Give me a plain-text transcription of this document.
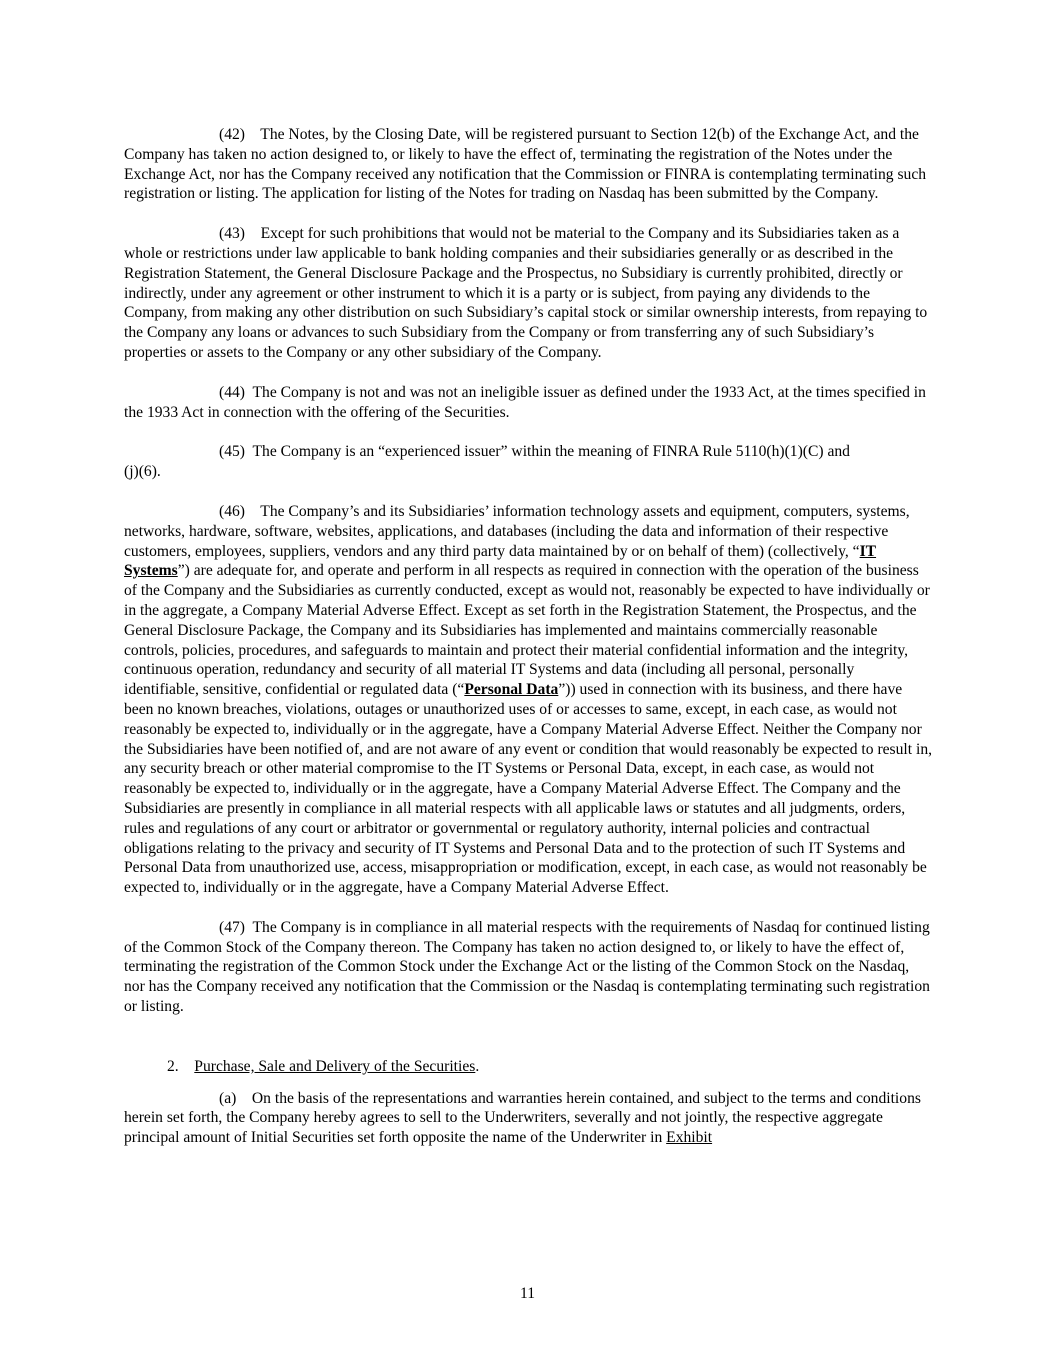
(42)    The Notes, by the Closing Date, will be registered pursuant to Section 12(b) of the Exchange Act, and the Company has taken no action designed to, or likely to have the effect of, terminating the registration of the Notes under the Exchange Act, nor has the Company received any notification that the Commission or FINRA is contemplating terminating such registration or listing. The application for listing of the Notes for trading on Nasdaq has been submitted by the Company.

(43)    Except for such prohibitions that would not be material to the Company and its Subsidiaries taken as a whole or restrictions under law applicable to bank holding companies and their subsidiaries generally or as described in the Registration Statement, the General Disclosure Package and the Prospectus, no Subsidiary is currently prohibited, directly or indirectly, under any agreement or other instrument to which it is a party or is subject, from paying any dividends to the Company, from making any other distribution on such Subsidiary’s capital stock or similar ownership interests, from repaying to the Company any loans or advances to such Subsidiary from the Company or from transferring any of such Subsidiary’s properties or assets to the Company or any other subsidiary of the Company.

(44)  The Company is not and was not an ineligible issuer as defined under the 1933 Act, at the times specified in the 1933 Act in connection with the offering of the Securities.

(45)  The Company is an “experienced issuer” within the meaning of FINRA Rule 5110(h)(1)(C) and
(j)(6).

(46)    The Company’s and its Subsidiaries’ information technology assets and equipment, computers, systems, networks, hardware, software, websites, applications, and databases (including the data and information of their respective customers, employees, suppliers, vendors and any third party data maintained by or on behalf of them) (collectively, “IT Systems”) are adequate for, and operate and perform in all respects as required in connection with the operation of the business of the Company and the Subsidiaries as currently conducted, except as would not, reasonably be expected to have individually or in the aggregate, a Company Material Adverse Effect. Except as set forth in the Registration Statement, the Prospectus, and the General Disclosure Package, the Company and its Subsidiaries has implemented and maintains commercially reasonable controls, policies, procedures, and safeguards to maintain and protect their material confidential information and the integrity, continuous operation, redundancy and security of all material IT Systems and data (including all personal, personally identifiable, sensitive, confidential or regulated data (“Personal Data”)) used in connection with its business, and there have been no known breaches, violations, outages or unauthorized uses of or accesses to same, except, in each case, as would not reasonably be expected to, individually or in the aggregate, have a Company Material Adverse Effect. Neither the Company nor the Subsidiaries have been notified of, and are not aware of any event or condition that would reasonably be expected to result in, any security breach or other material compromise to the IT Systems or Personal Data, except, in each case, as would not reasonably be expected to, individually or in the aggregate, have a Company Material Adverse Effect. The Company and the Subsidiaries are presently in compliance in all material respects with all applicable laws or statutes and all judgments, orders, rules and regulations of any court or arbitrator or governmental or regulatory authority, internal policies and contractual obligations relating to the privacy and security of IT Systems and Personal Data and to the protection of such IT Systems and Personal Data from unauthorized use, access, misappropriation or modification, except, in each case, as would not reasonably be expected to, individually or in the aggregate, have a Company Material Adverse Effect.

(47)  The Company is in compliance in all material respects with the requirements of Nasdaq for continued listing of the Common Stock of the Company thereon. The Company has taken no action designed to, or likely to have the effect of, terminating the registration of the Common Stock under the Exchange Act or the listing of the Common Stock on the Nasdaq, nor has the Company received any notification that the Commission or the Nasdaq is contemplating terminating such registration or listing.

2. Purchase, Sale and Delivery of the Securities.

(a)    On the basis of the representations and warranties herein contained, and subject to the terms and conditions herein set forth, the Company hereby agrees to sell to the Underwriters, severally and not jointly, the respective aggregate principal amount of Initial Securities set forth opposite the name of the Underwriter in Exhibit

11
